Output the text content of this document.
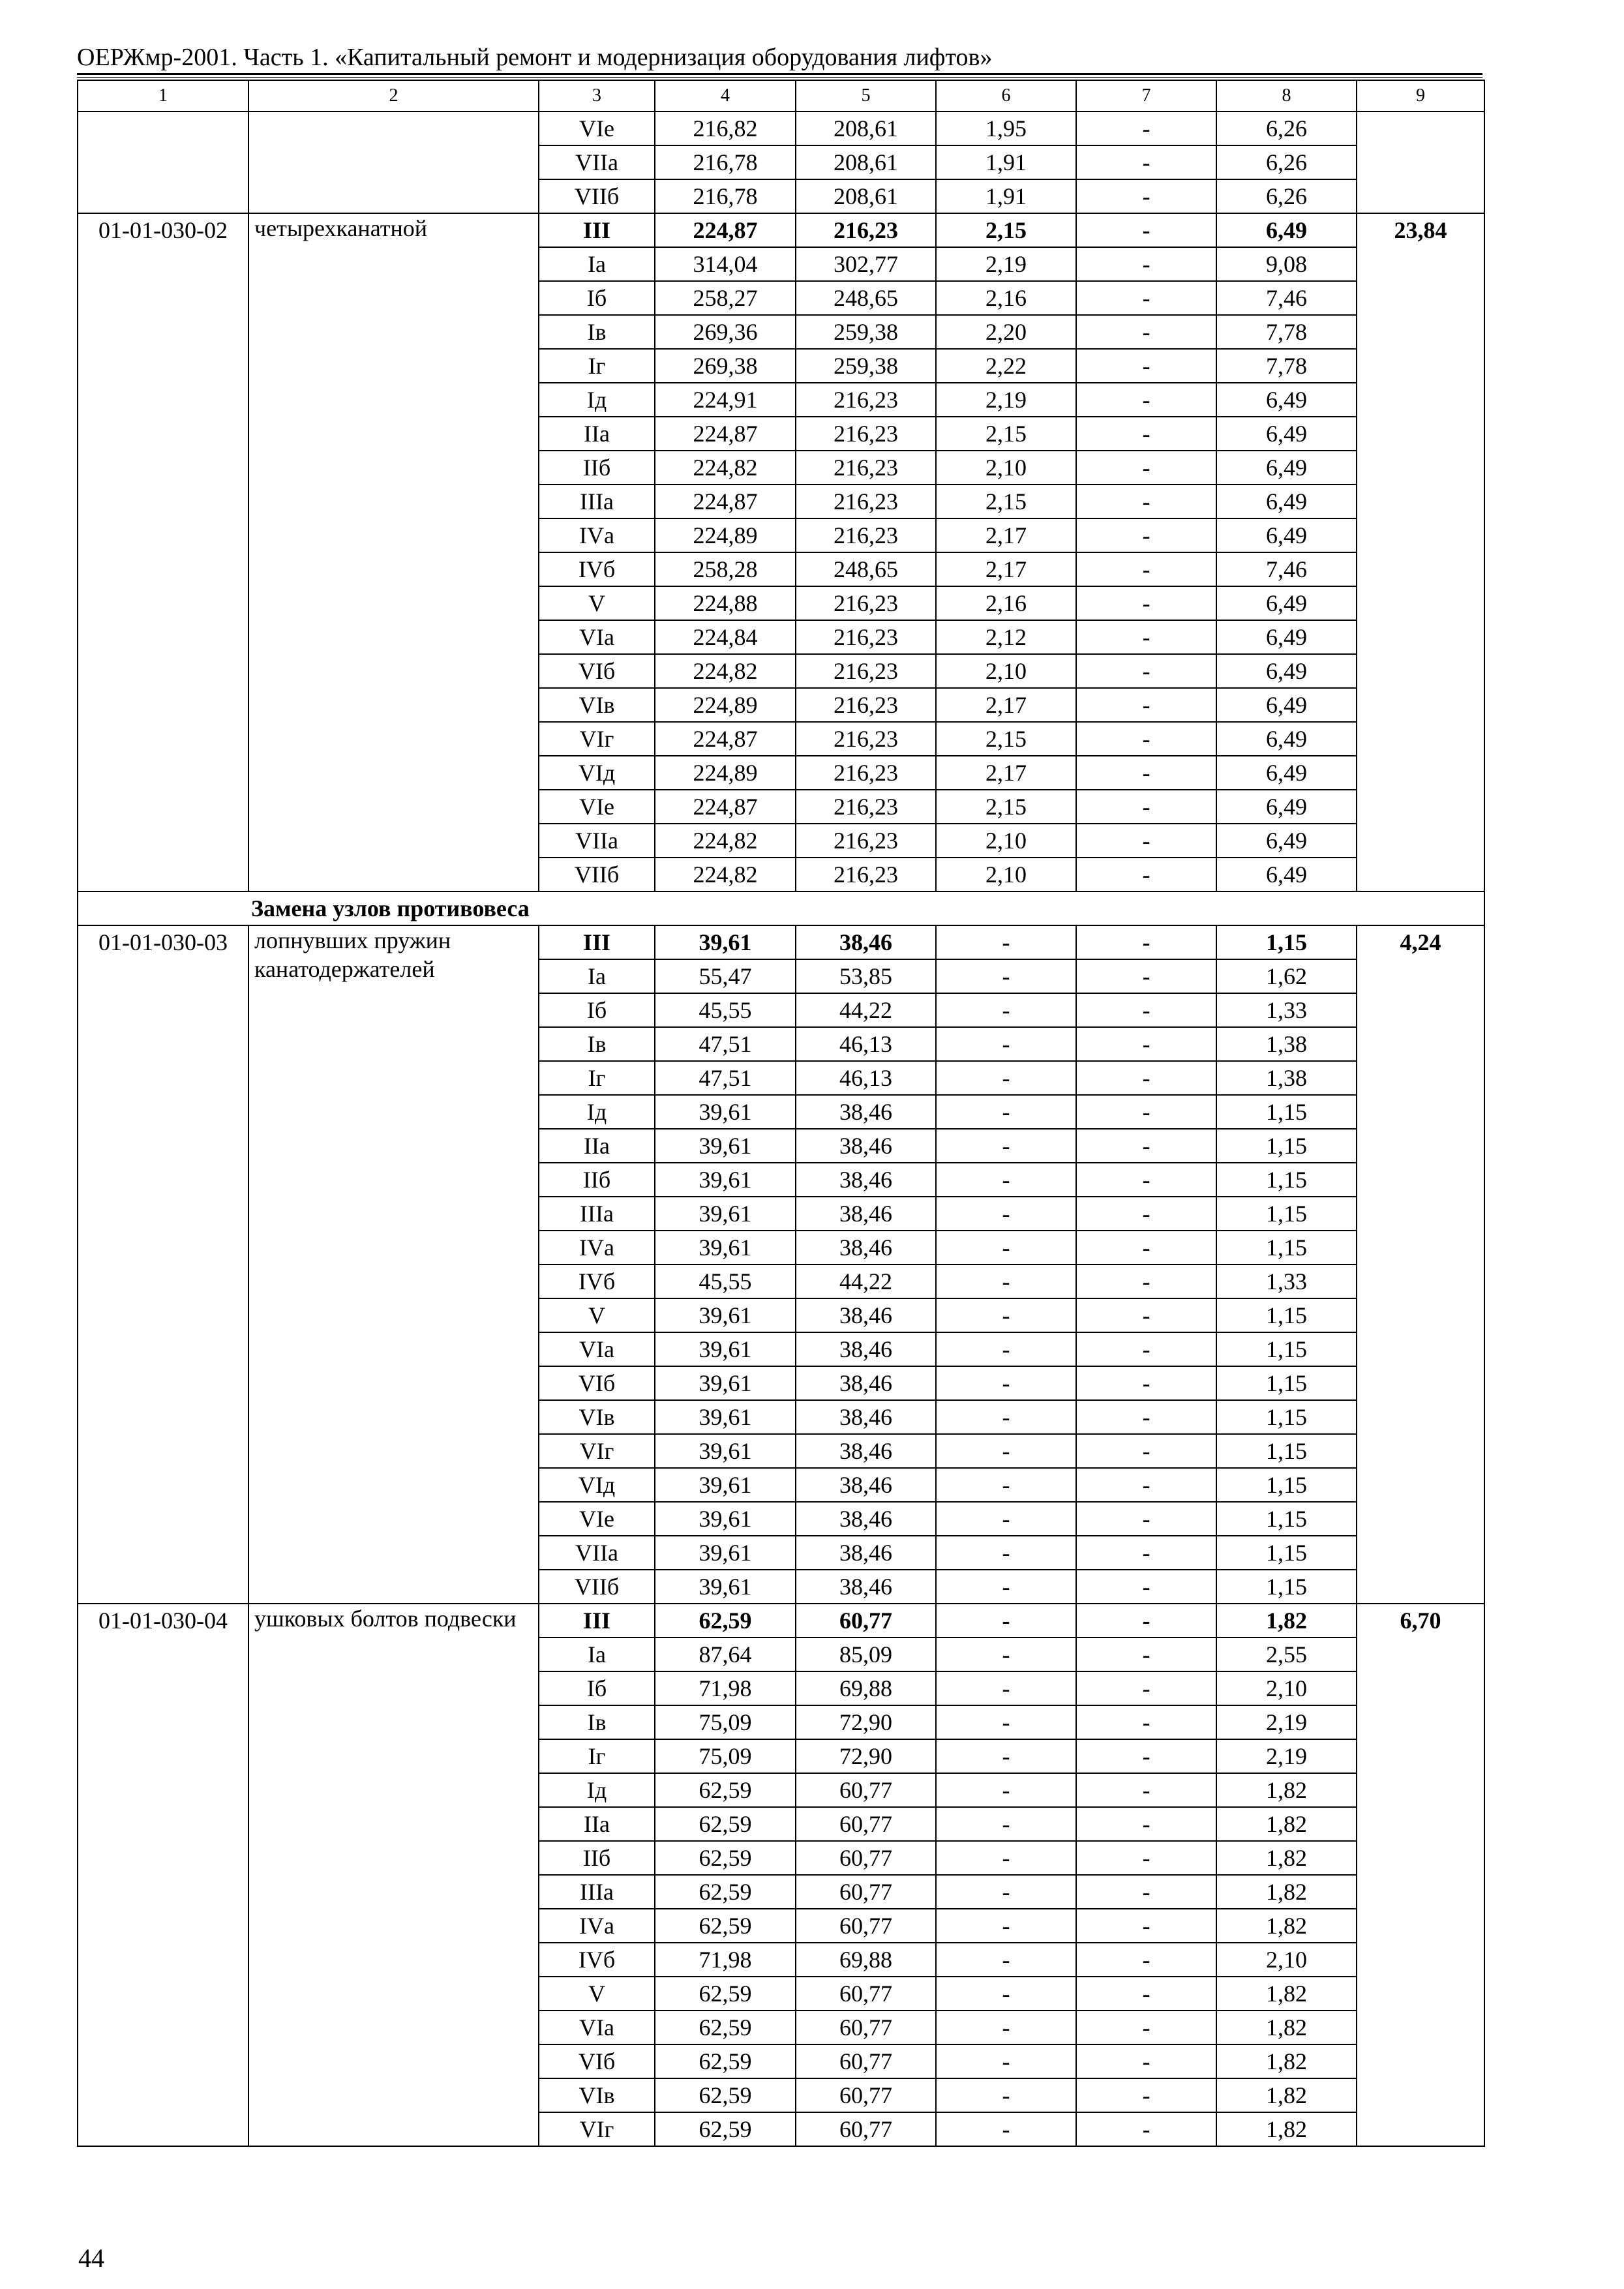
ОЕРЖмр-2001. Часть 1. «Капитальный ремонт и модернизация оборудования лифтов»
1	2	3	4	5	6	7	8	9
		VIе	216,82	208,61	1,95	-	6,26	
		VIIа	216,78	208,61	1,91	-	6,26	
		VIIб	216,78	208,61	1,91	-	6,26	
01-01-030-02	четырехканатной	III	224,87	216,23	2,15	-	6,49	23,84
		Iа	314,04	302,77	2,19	-	9,08	
		Iб	258,27	248,65	2,16	-	7,46	
		Iв	269,36	259,38	2,20	-	7,78	
		Iг	269,38	259,38	2,22	-	7,78	
		Iд	224,91	216,23	2,19	-	6,49	
		IIа	224,87	216,23	2,15	-	6,49	
		IIб	224,82	216,23	2,10	-	6,49	
		IIIа	224,87	216,23	2,15	-	6,49	
		IVа	224,89	216,23	2,17	-	6,49	
		IVб	258,28	248,65	2,17	-	7,46	
		V	224,88	216,23	2,16	-	6,49	
		VIа	224,84	216,23	2,12	-	6,49	
		VIб	224,82	216,23	2,10	-	6,49	
		VIв	224,89	216,23	2,17	-	6,49	
		VIг	224,87	216,23	2,15	-	6,49	
		VIд	224,89	216,23	2,17	-	6,49	
		VIе	224,87	216,23	2,15	-	6,49	
		VIIа	224,82	216,23	2,10	-	6,49	
		VIIб	224,82	216,23	2,10	-	6,49	
	Замена узлов противовеса							
01-01-030-03	лопнувших пружин канатодержателей	III	39,61	38,46	-	-	1,15	4,24
		Iа	55,47	53,85	-	-	1,62	
		Iб	45,55	44,22	-	-	1,33	
		Iв	47,51	46,13	-	-	1,38	
		Iг	47,51	46,13	-	-	1,38	
		Iд	39,61	38,46	-	-	1,15	
		IIа	39,61	38,46	-	-	1,15	
		IIб	39,61	38,46	-	-	1,15	
		IIIа	39,61	38,46	-	-	1,15	
		IVа	39,61	38,46	-	-	1,15	
		IVб	45,55	44,22	-	-	1,33	
		V	39,61	38,46	-	-	1,15	
		VIа	39,61	38,46	-	-	1,15	
		VIб	39,61	38,46	-	-	1,15	
		VIв	39,61	38,46	-	-	1,15	
		VIг	39,61	38,46	-	-	1,15	
		VIд	39,61	38,46	-	-	1,15	
		VIе	39,61	38,46	-	-	1,15	
		VIIа	39,61	38,46	-	-	1,15	
		VIIб	39,61	38,46	-	-	1,15	
01-01-030-04	ушковых болтов подвески	III	62,59	60,77	-	-	1,82	6,70
		Iа	87,64	85,09	-	-	2,55	
		Iб	71,98	69,88	-	-	2,10	
		Iв	75,09	72,90	-	-	2,19	
		Iг	75,09	72,90	-	-	2,19	
		Iд	62,59	60,77	-	-	1,82	
		IIа	62,59	60,77	-	-	1,82	
		IIб	62,59	60,77	-	-	1,82	
		IIIа	62,59	60,77	-	-	1,82	
		IVа	62,59	60,77	-	-	1,82	
		IVб	71,98	69,88	-	-	2,10	
		V	62,59	60,77	-	-	1,82	
		VIа	62,59	60,77	-	-	1,82	
		VIб	62,59	60,77	-	-	1,82	
		VIв	62,59	60,77	-	-	1,82	
		VIг	62,59	60,77	-	-	1,82	
44
